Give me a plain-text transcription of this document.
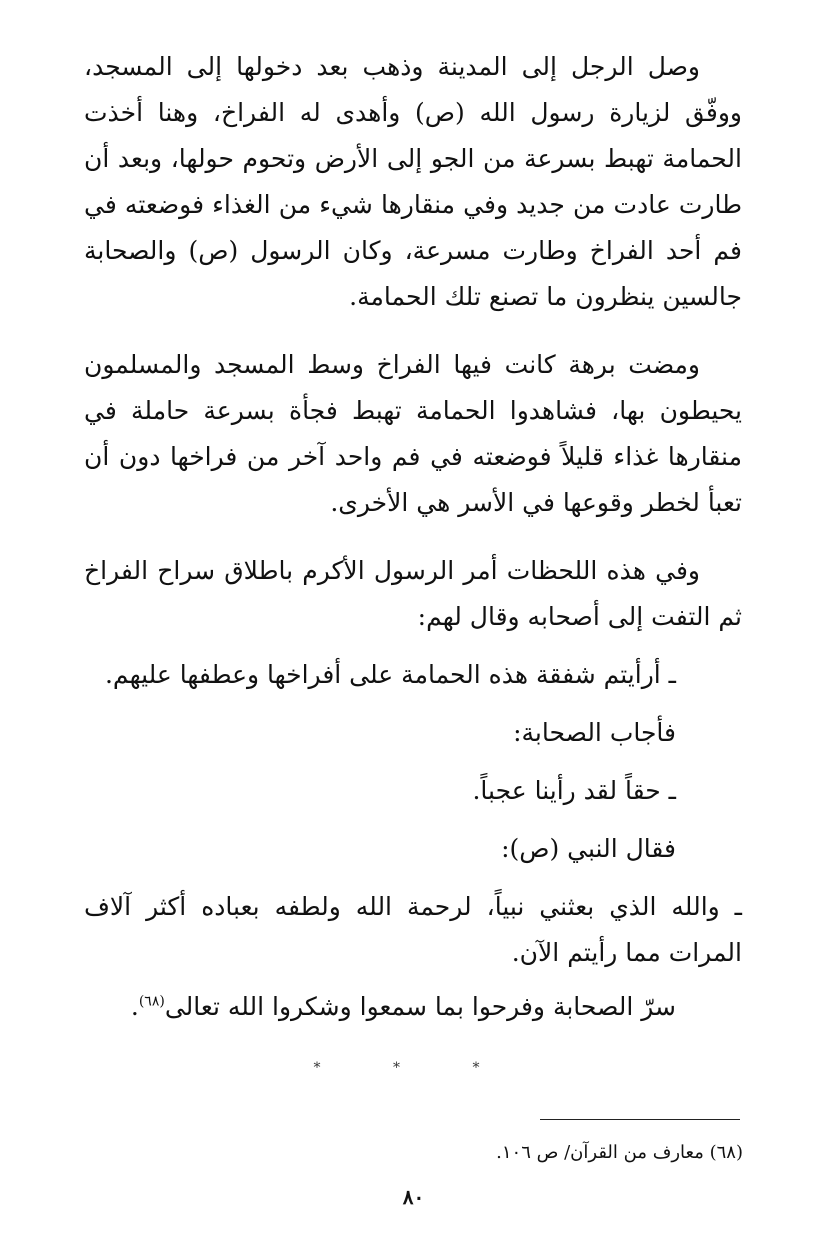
وصل الرجل إلى المدينة وذهب بعد دخولها إلى المسجد، ووفّق لزيارة رسول الله (ص) وأهدى له الفراخ، وهنا أخذت الحمامة تهبط بسرعة من الجو إلى الأرض وتحوم حولها، وبعد أن طارت عادت من جديد وفي منقارها شيء من الغذاء فوضعته في فم أحد الفراخ وطارت مسرعة، وكان الرسول (ص) والصحابة جالسين ينظرون ما تصنع تلك الحمامة.

ومضت برهة كانت فيها الفراخ وسط المسجد والمسلمون يحيطون بها، فشاهدوا الحمامة تهبط فجأة بسرعة حاملة في منقارها غذاء قليلاً فوضعته في فم واحد آخر من فراخها دون أن تعبأ لخطر وقوعها في الأسر هي الأخرى.

وفي هذه اللحظات أمر الرسول الأكرم باطلاق سراح الفراخ ثم التفت إلى أصحابه وقال لهم:

ـ أرأيتم شفقة هذه الحمامة على أفراخها وعطفها عليهم.

فأجاب الصحابة:

ـ حقاً لقد رأينا عجباً.

فقال النبي (ص):

ـ والله الذي بعثني نبياً، لرحمة الله ولطفه بعباده أكثر آلاف المرات مما رأيتم الآن.

سرّ الصحابة وفرحوا بما سمعوا وشكروا الله تعالى$^{(٦٨)}$.

* * *
(٦٨) معارف من القرآن/ ص ١٠٦.
٨٠
